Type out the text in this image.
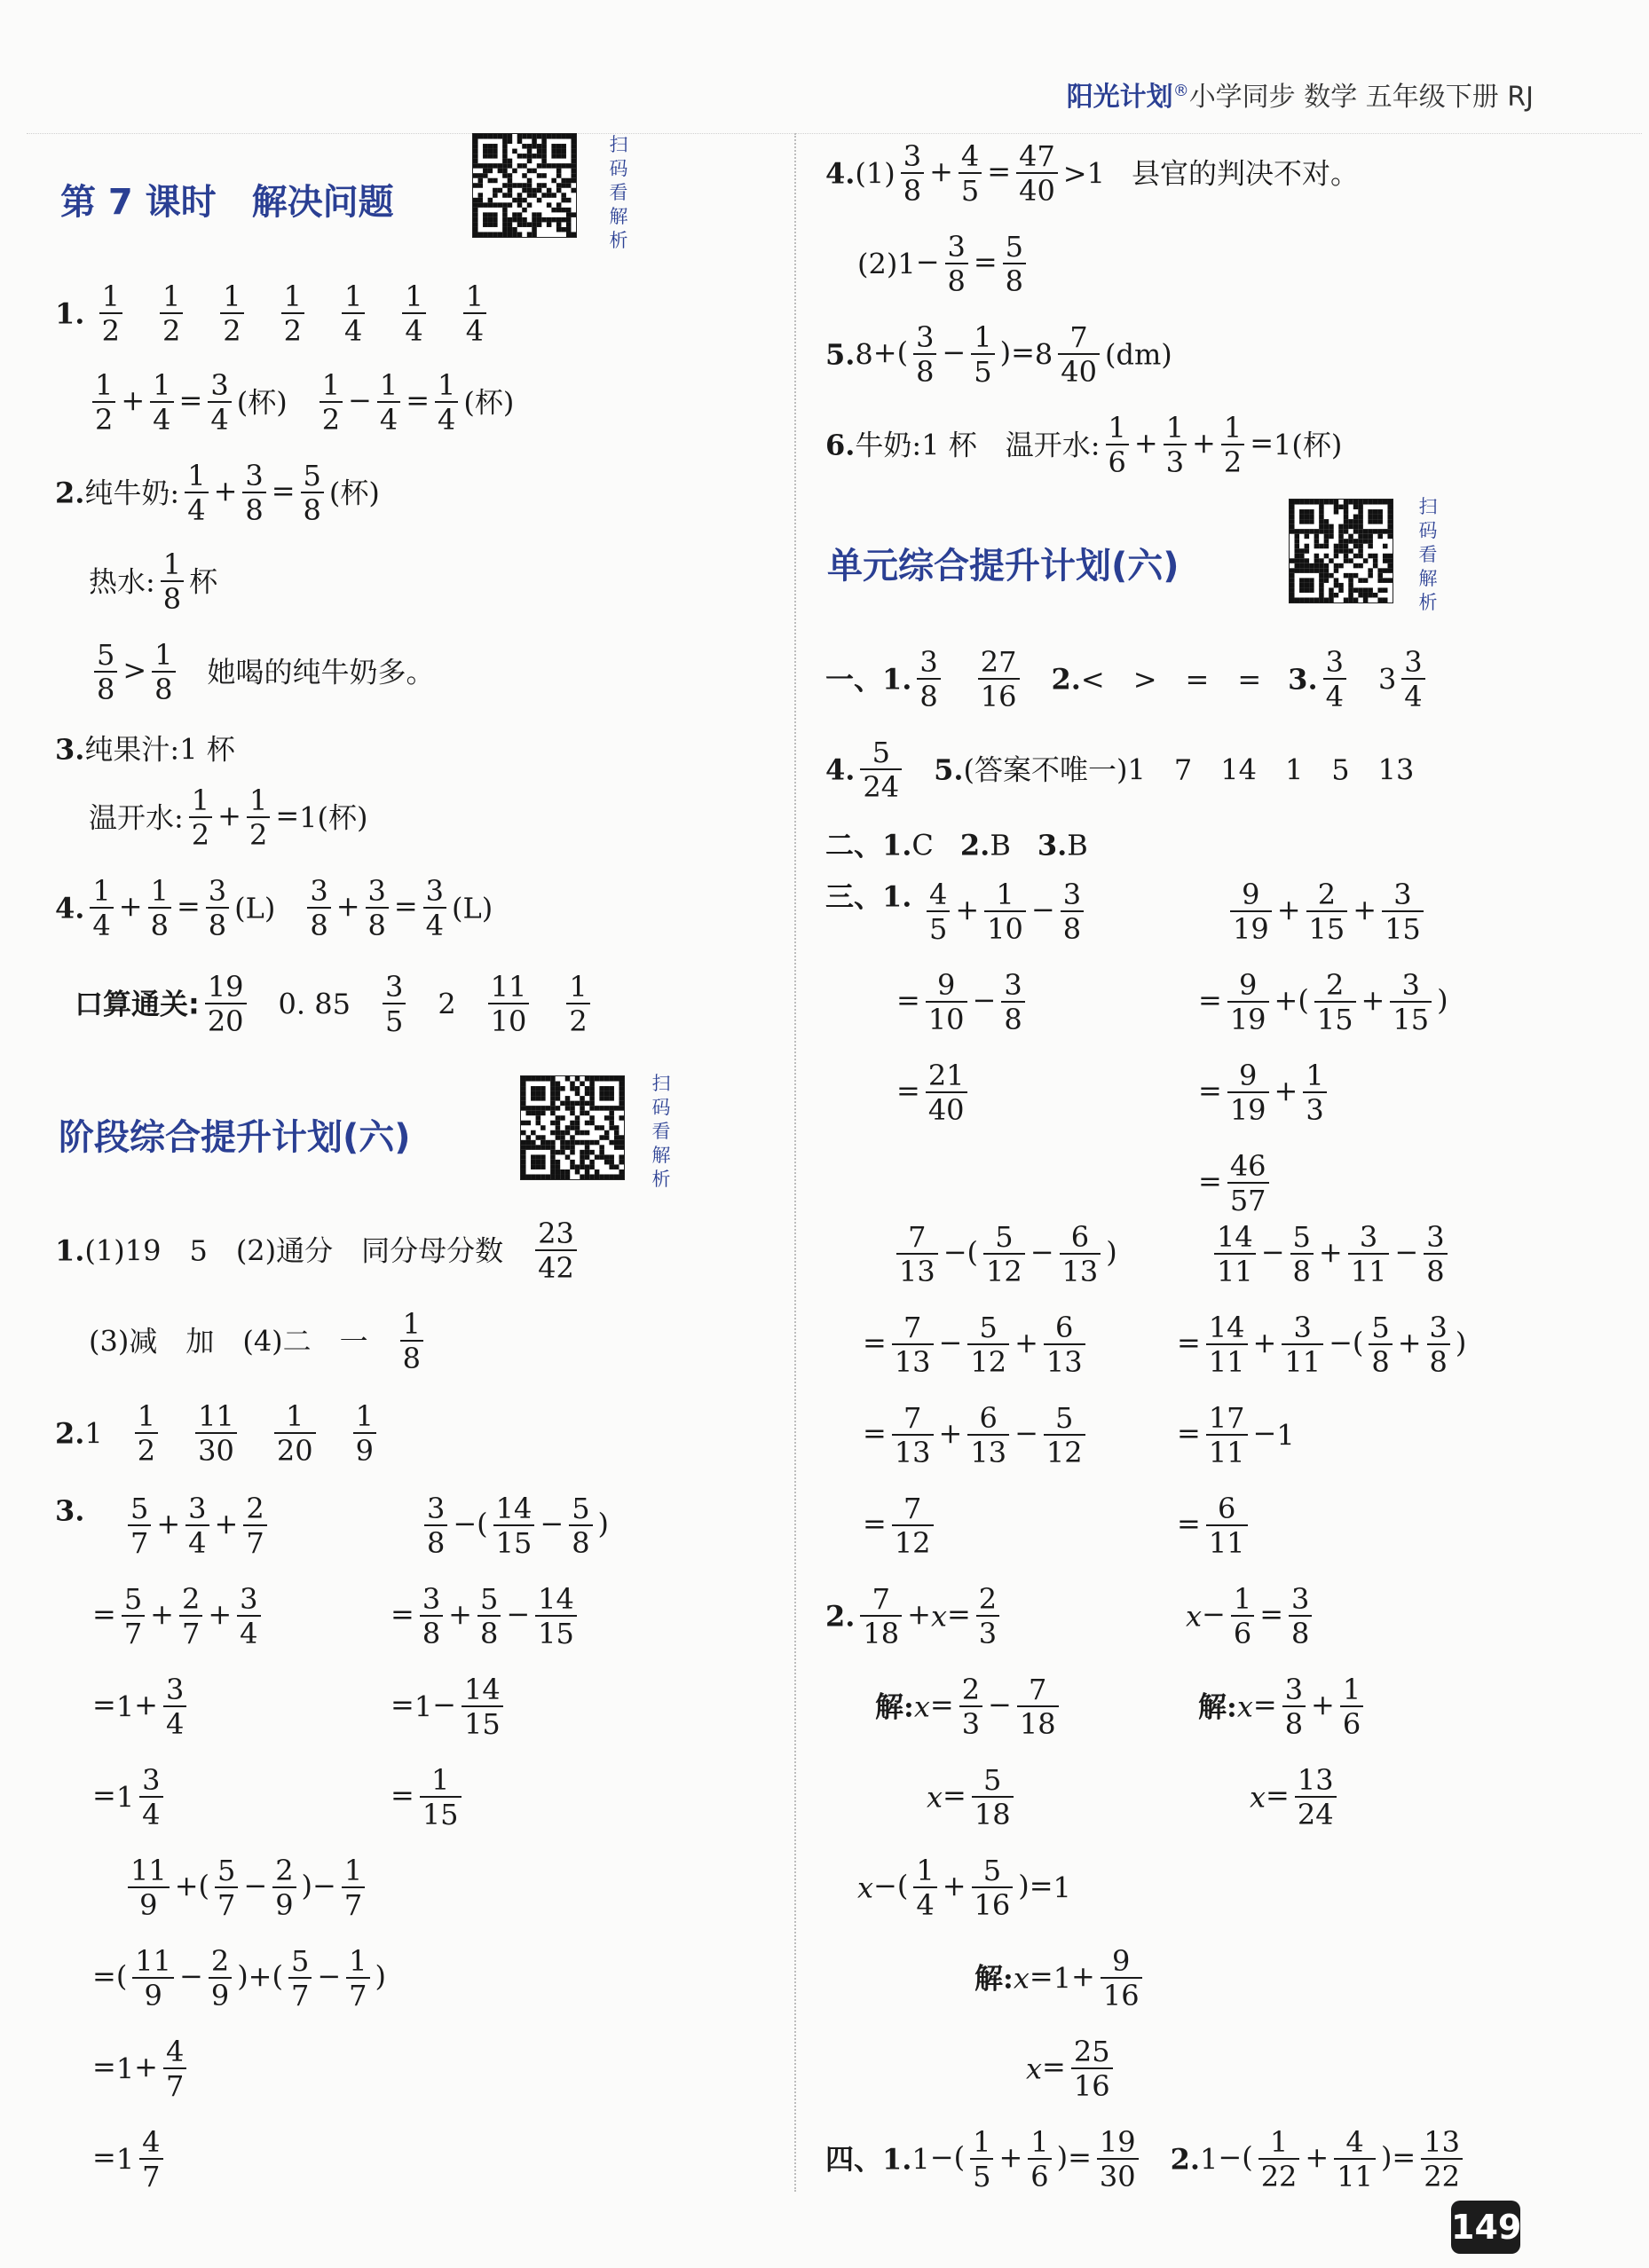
阳光计划®小学同步 数学 五年级下册 RJ
扫码看解析
扫码看解析
扫码看解析
第 7 课时　解决问题
1. $\frac{1}{2} \frac{1}{2} \frac{1}{2} \frac{1}{2} \frac{1}{4} \frac{1}{4} \frac{1}{4}$
$\frac{1}{2} + \frac{1}{4} = \frac{3}{4}$ (杯) $\frac{1}{2} - \frac{1}{4} = \frac{1}{4}$ (杯)
2.纯牛奶: $\frac{1}{4} + \frac{3}{8} = \frac{5}{8}$ (杯)
热水: $\frac{1}{8}$ 杯
$\frac{5}{8} > \frac{1}{8}$ 她喝的纯牛奶多。
3.纯果汁:1 杯
温开水: $\frac{1}{2} + \frac{1}{2} =1$(杯)
4. $\frac{1}{4} + \frac{1}{8} = \frac{3}{8} (L) \frac{3}{8} + \frac{3}{8} = \frac{3}{4} (L)$
口算通关: $\frac{19}{20} 0$. $85 \frac{3}{5} 2 \frac{11}{10} \frac{1}{2}$
阶段综合提升计划(六)
1.(1)19　5　(2)通分　同分母分数 $\frac{23}{42}$
(3)减　加　(4)二　一 $\frac{1}{8}$
$2.1 \frac{1}{2} \frac{11}{30} \frac{1}{20} \frac{1}{9}$
3. $\frac{5}{7} + \frac{3}{4} + \frac{2}{7}$
= $\frac{5}{7} + \frac{2}{7} + \frac{3}{4}$
$=1+ \frac{3}{4}$
$=1 \frac{3}{4}$
$\frac{3}{8}$ −( $\frac{14}{15} - \frac{5}{8}$ )
= $\frac{3}{8} + \frac{5}{8} - \frac{14}{15}$
$=1- \frac{14}{15}$
= $\frac{1}{15}$
$\frac{11}{9}$ +( $\frac{5}{7} - \frac{2}{9}$ )− $\frac{1}{7}$
=( $\frac{11}{9} - \frac{2}{9}$ )+( $\frac{5}{7} - \frac{1}{7}$ )
$=1+ \frac{4}{7}$
$=1 \frac{4}{7}$
$4.(1) \frac{3}{8} + \frac{4}{5} = \frac{47}{40} >1$ 县官的判决不对。
$(2)1- \frac{3}{8} = \frac{5}{8}$
$5.8+( \frac{3}{8} - \frac{1}{5} )=8 \frac{7}{40} (dm)$
6.牛奶:1 杯　温开水: $\frac{1}{6} + \frac{1}{3} + \frac{1}{2} =1$(杯)
单元综合提升计划(六)
一、1. $\frac{3}{8} \frac{27}{16} 2.<$　>　=　= 3. $\frac{3}{4} 3 \frac{3}{4}$
4. $\frac{5}{24} 5$.(答案不唯一)1　7　14　1　5　13
二、1.C 2.B 3.B
三、1. $\frac{4}{5} + \frac{1}{10} - \frac{3}{8}$
= $\frac{9}{10} - \frac{3}{8}$
= $\frac{21}{40}$
$\frac{9}{19} + \frac{2}{15} + \frac{3}{15}$
= $\frac{9}{19}$ +( $\frac{2}{15} + \frac{3}{15}$ )
= $\frac{9}{19} + \frac{1}{3}$
= $\frac{46}{57}$
$\frac{7}{13}$ −( $\frac{5}{12} - \frac{6}{13}$ )
= $\frac{7}{13} - \frac{5}{12} + \frac{6}{13}$
= $\frac{7}{13} + \frac{6}{13} - \frac{5}{12}$
= $\frac{7}{12}$
$\frac{14}{11} - \frac{5}{8} + \frac{3}{11} - \frac{3}{8}$
= $\frac{14}{11} + \frac{3}{11}$ −( $\frac{5}{8} + \frac{3}{8}$ )
= $\frac{17}{11} -1$
= $\frac{6}{11}$
2. $\frac{7}{18} +x= \frac{2}{3}$
解:x= $\frac{2}{3} - \frac{7}{18}$
$x= \frac{5}{18}$
$x- \frac{1}{6} = \frac{3}{8}$
解:x= $\frac{3}{8} + \frac{1}{6}$
$x= \frac{13}{24}$
$x-( \frac{1}{4} + \frac{5}{16} )=1$
解:x=1+ $\frac{9}{16}$
$x= \frac{25}{16}$
四、$1.1-( \frac{1}{5} + \frac{1}{6}$ )= $\frac{19}{30} 2.1-( \frac{1}{22} + \frac{4}{11}$ )= $\frac{13}{22}$
149
